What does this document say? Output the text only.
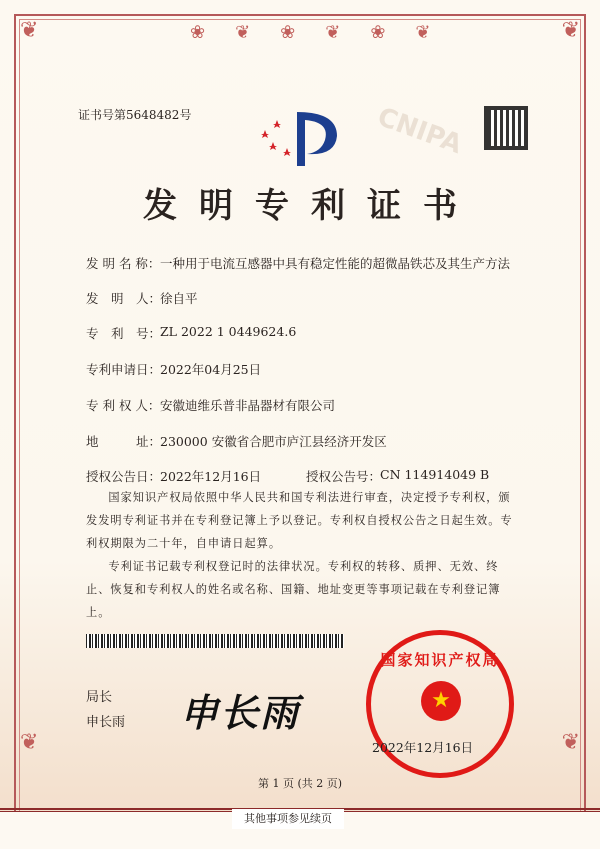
❦	❦
❀❦❀❦❀❦
❦	❦
CNIPA
证书号第5648482号
发明专利证书
发 明 名 称： 一种用于电流互感器中具有稳定性能的超微晶铁芯及其生产方法
发　明　人：
徐自平
专　利　号：
ZL 2022 1 0449624.6
专利申请日：
2022年04月25日
专 利 权 人： 安徽迪维乐普非晶器材有限公司
地　　　址：
230000 安徽省合肥市庐江县经济开发区
授权公告日：
2022年12月16日	授权公告号：
CN 114914049 B
国家知识产权局依照中华人民共和国专利法进行审查，决定授予专利权，颁发发明专利证书并在专利登记簿上予以登记。专利权自授权公告之日起生效。专利权期限为二十年，自申请日起算。
专利证书记载专利权登记时的法律状况。专利权的转移、质押、无效、终止、恢复和专利权人的姓名或名称、国籍、地址变更等事项记载在专利登记簿上。
局长
申长雨 申长雨	★
国家知识产权局
2022年12月16日
第 1 页 (共 2 页)
其他事项参见续页
